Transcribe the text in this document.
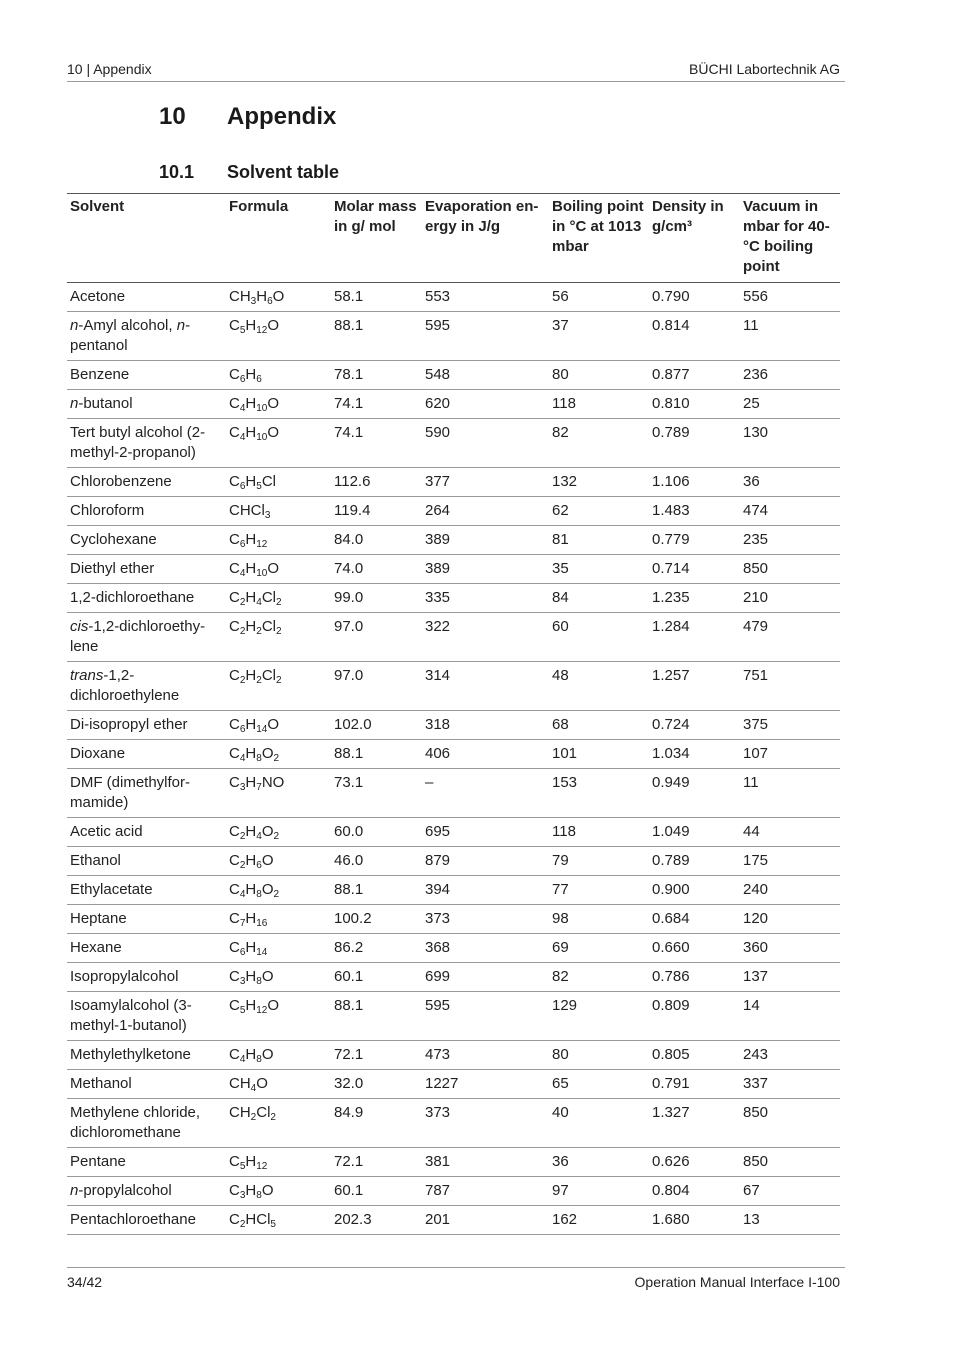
10 | Appendix	BÜCHI Labortechnik AG
10 Appendix
10.1 Solvent table
Solvent	Formula	Molar mass in g/ mol	Evaporation en- ergy in J/g	Boiling point in °C at 1013 mbar	Density in g/cm³	Vacuum in mbar for 40- °C boiling point
Acetone	$CH_3H_6O$	58.1	553	56	0.790	556
n-Amyl alcohol, n-pentanol	$C_5H_{12}O$	88.1	595	37	0.814	11
Benzene	$C_6H_6$	78.1	548	80	0.877	236
n-butanol	$C_4H_{10}O$	74.1	620	118	0.810	25
Tert butyl alcohol (2-methyl-2-propanol)	$C_4H_{10}O$	74.1	590	82	0.789	130
Chlorobenzene	$C_6H_5Cl$	112.6	377	132	1.106	36
Chloroform	CHCl$_3$	119.4	264	62	1.483	474
Cyclohexane	$C_6H_{12}$	84.0	389	81	0.779	235
Diethyl ether	$C_4H_{10}O$	74.0	389	35	0.714	850
1,2-dichloroethane	$C_2H_4Cl_2$	99.0	335	84	1.235	210
cis-1,2-dichloroethy-lene	$C_2H_2Cl_2$	97.0	322	60	1.284	479
trans-1,2-dichloroethylene	$C_2H_2Cl_2$	97.0	314	48	1.257	751
Di-isopropyl ether	$C_6H_{14}O$	102.0	318	68	0.724	375
Dioxane	$C_4H_8O_2$	88.1	406	101	1.034	107
DMF (dimethylfor-mamide)	$C_3H_7NO$	73.1	–	153	0.949	11
Acetic acid	$C_2H_4O_2$	60.0	695	118	1.049	44
Ethanol	$C_2H_6O$	46.0	879	79	0.789	175
Ethylacetate	$C_4H_8O_2$	88.1	394	77	0.900	240
Heptane	$C_7H_{16}$	100.2	373	98	0.684	120
Hexane	$C_6H_{14}$	86.2	368	69	0.660	360
Isopropylalcohol	$C_3H_8O$	60.1	699	82	0.786	137
Isoamylalcohol (3-methyl-1-butanol)	$C_5H_{12}O$	88.1	595	129	0.809	14
Methylethylketone	$C_4H_8O$	72.1	473	80	0.805	243
Methanol	$CH_4O$	32.0	1227	65	0.791	337
Methylene chloride, dichloromethane	$CH_2Cl_2$	84.9	373	40	1.327	850
Pentane	$C_5H_{12}$	72.1	381	36	0.626	850
n-propylalcohol	$C_3H_8O$	60.1	787	97	0.804	67
Pentachloroethane	$C_2HCl_5$	202.3	201	162	1.680	13
34/42	Operation Manual Interface I-100
